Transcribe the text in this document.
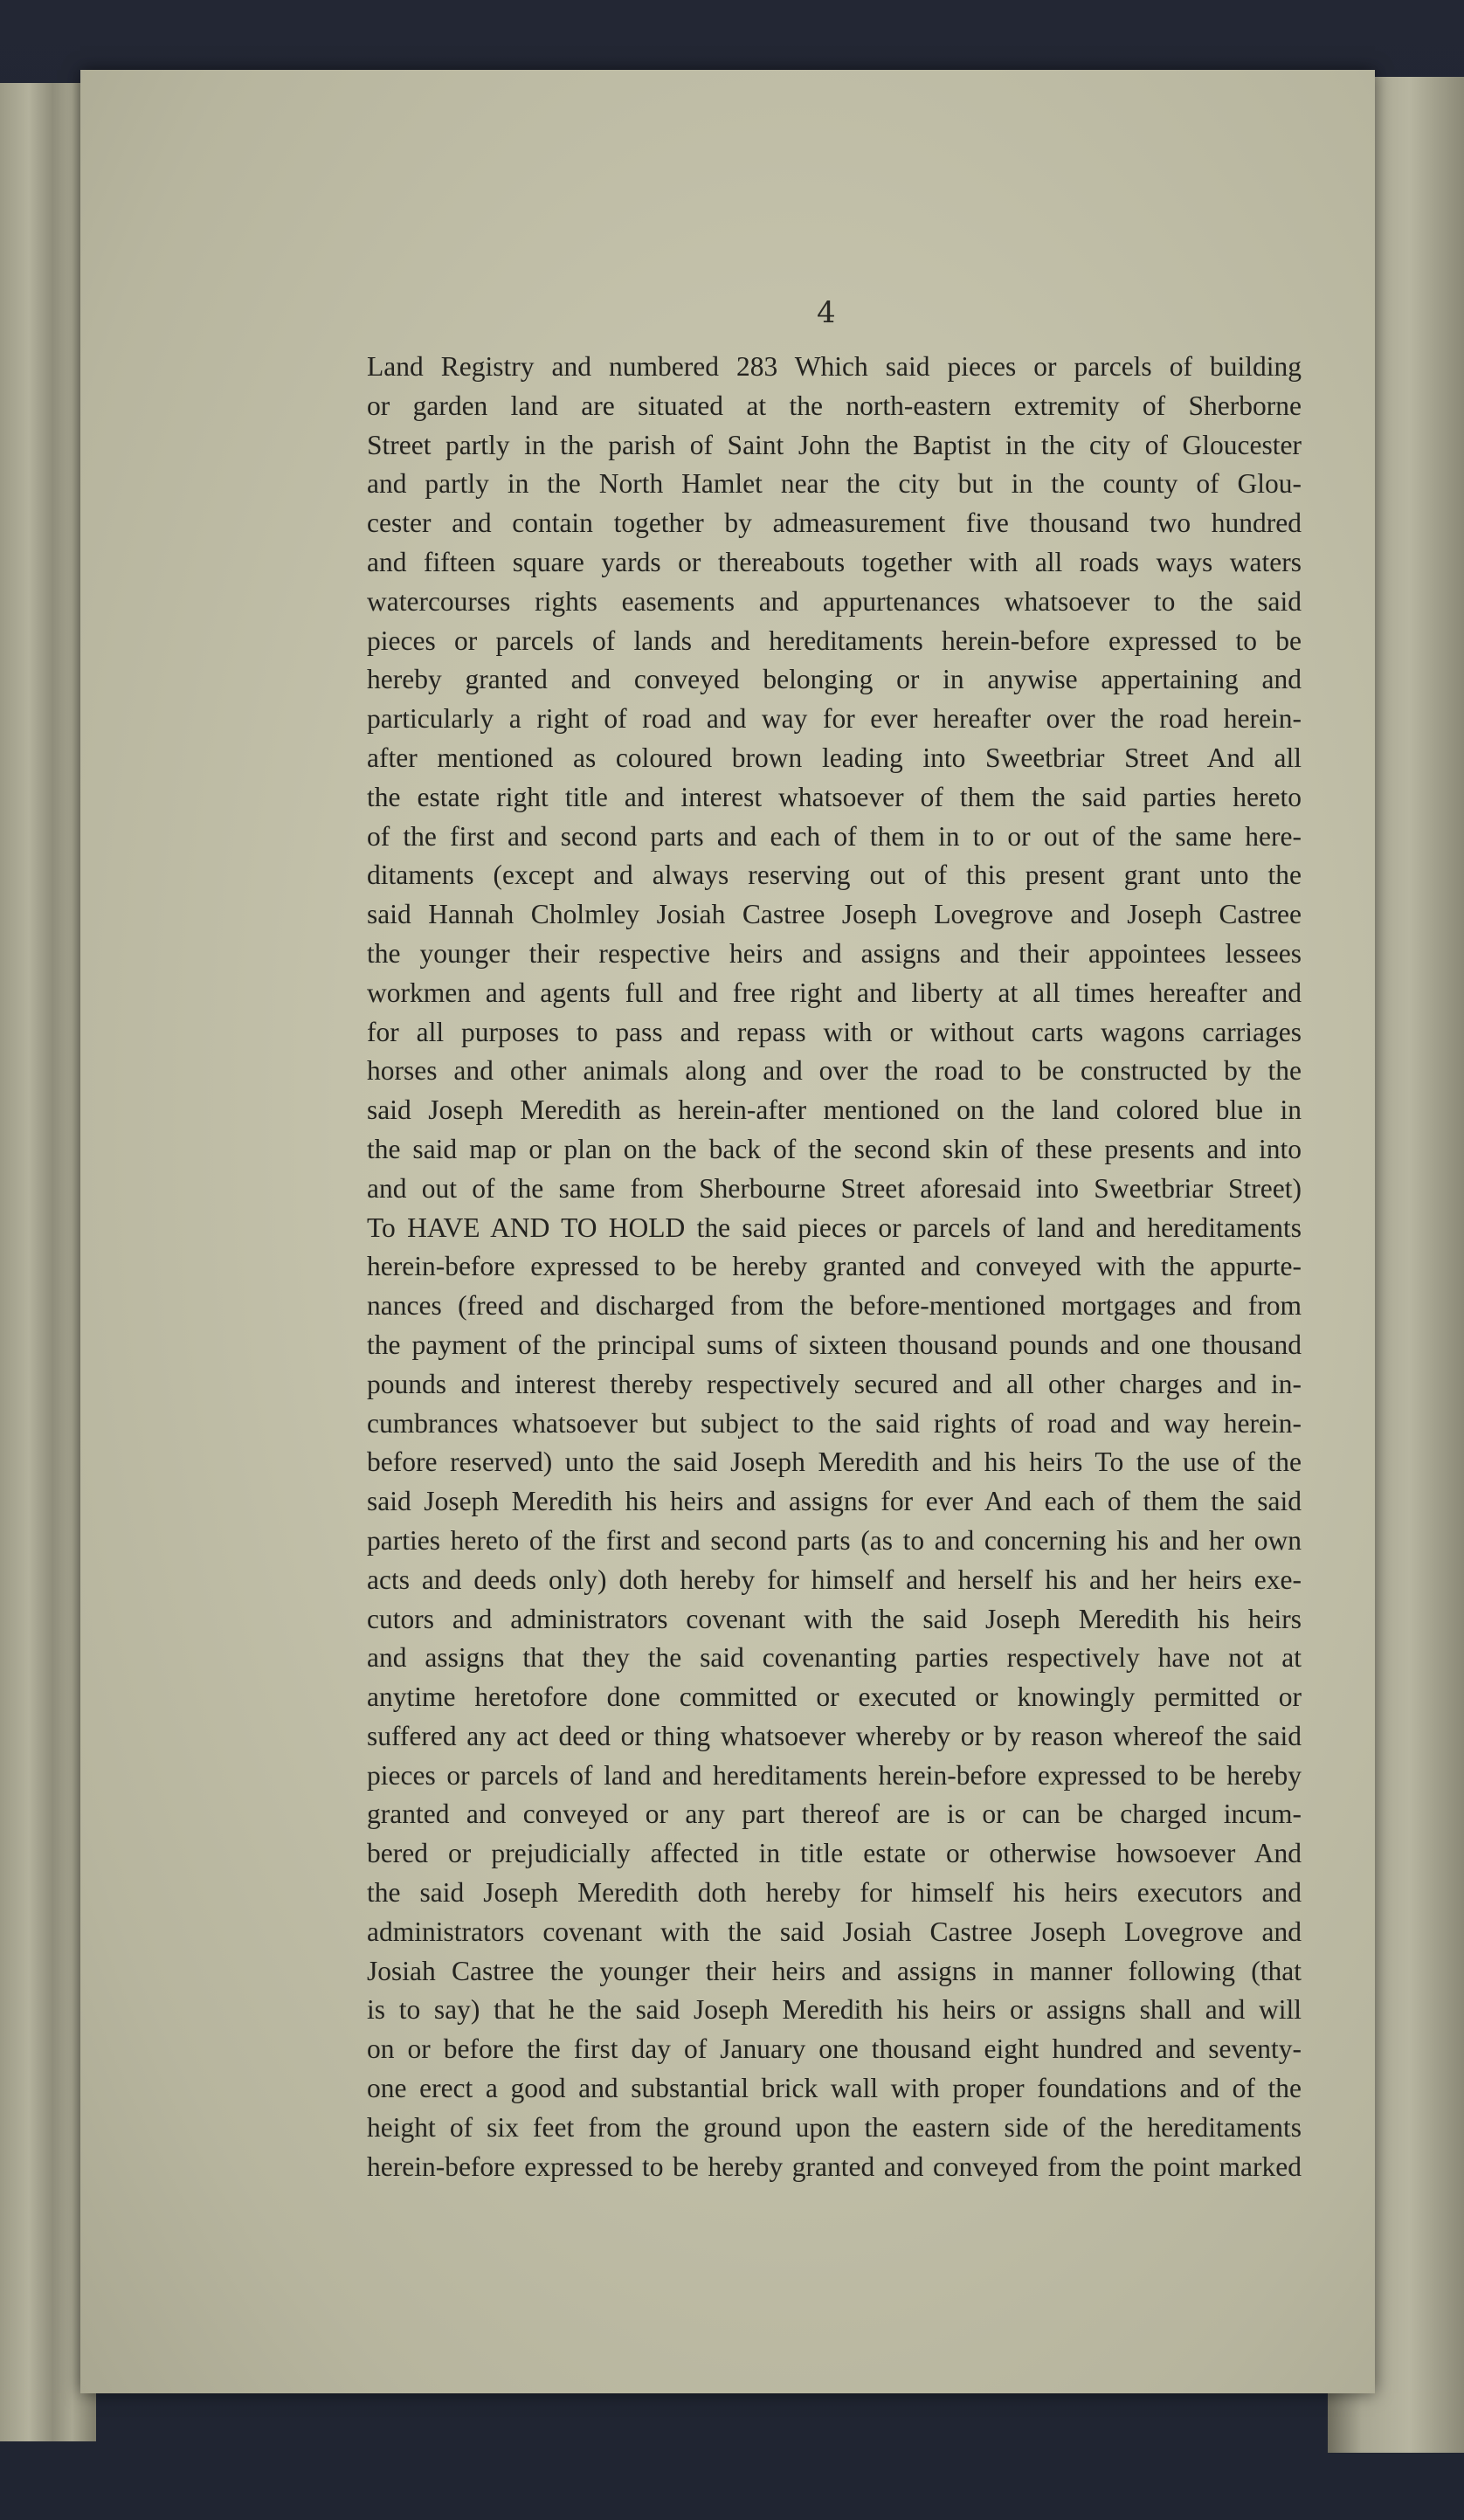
4
Land Registry and numbered 283 Which said pieces or parcels of building
or garden land are situated at the north-eastern extremity of Sherborne
Street partly in the parish of Saint John the Baptist in the city of Gloucester
and partly in the North Hamlet near the city but in the county of Glou-
cester and contain together by admeasurement five thousand two hundred
and fifteen square yards or thereabouts together with all roads ways waters
watercourses rights easements and appurtenances whatsoever to the said
pieces or parcels of lands and hereditaments herein-before expressed to be
hereby granted and conveyed belonging or in anywise appertaining and
particularly a right of road and way for ever hereafter over the road herein-
after mentioned as coloured brown leading into Sweetbriar Street And all
the estate right title and interest whatsoever of them the said parties hereto
of the first and second parts and each of them in to or out of the same here-
ditaments (except and always reserving out of this present grant unto the
said Hannah Cholmley Josiah Castree Joseph Lovegrove and Joseph Castree
the younger their respective heirs and assigns and their appointees lessees
workmen and agents full and free right and liberty at all times hereafter and
for all purposes to pass and repass with or without carts wagons carriages
horses and other animals along and over the road to be constructed by the
said Joseph Meredith as herein-after mentioned on the land colored blue in
the said map or plan on the back of the second skin of these presents and into
and out of the same from Sherbourne Street aforesaid into Sweetbriar Street)
To HAVE AND TO HOLD the said pieces or parcels of land and hereditaments
herein-before expressed to be hereby granted and conveyed with the appurte-
nances (freed and discharged from the before-mentioned mortgages and from
the payment of the principal sums of sixteen thousand pounds and one thousand
pounds and interest thereby respectively secured and all other charges and in-
cumbrances whatsoever but subject to the said rights of road and way herein-
before reserved) unto the said Joseph Meredith and his heirs To the use of the
said Joseph Meredith his heirs and assigns for ever And each of them the said
parties hereto of the first and second parts (as to and concerning his and her own
acts and deeds only) doth hereby for himself and herself his and her heirs exe-
cutors and administrators covenant with the said Joseph Meredith his heirs
and assigns that they the said covenanting parties respectively have not at
anytime heretofore done committed or executed or knowingly permitted or
suffered any act deed or thing whatsoever whereby or by reason whereof the said
pieces or parcels of land and hereditaments herein-before expressed to be hereby
granted and conveyed or any part thereof are is or can be charged incum-
bered or prejudicially affected in title estate or otherwise howsoever And
the said Joseph Meredith doth hereby for himself his heirs executors and
administrators covenant with the said Josiah Castree Joseph Lovegrove and
Josiah Castree the younger their heirs and assigns in manner following (that
is to say) that he the said Joseph Meredith his heirs or assigns shall and will
on or before the first day of January one thousand eight hundred and seventy-
one erect a good and substantial brick wall with proper foundations and of the
height of six feet from the ground upon the eastern side of the hereditaments
herein-before expressed to be hereby granted and conveyed from the point marked
